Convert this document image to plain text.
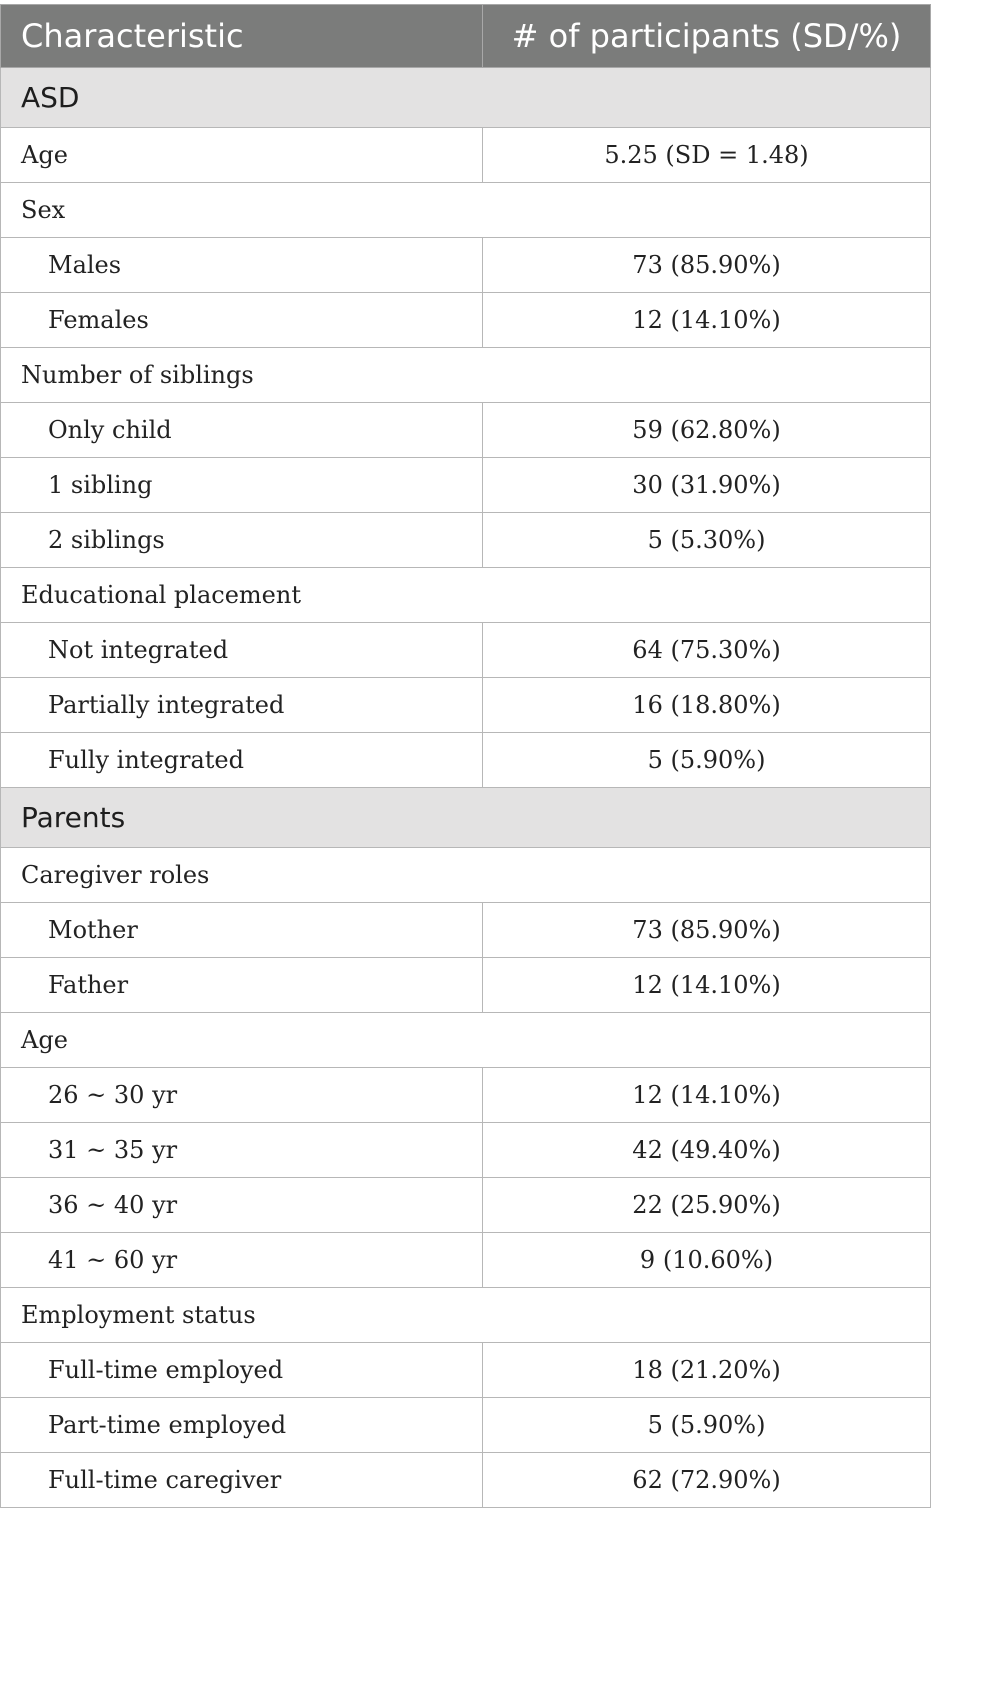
Characteristic	# of participants (SD/%)
ASD	
Age	5.25 (SD = 1.48)
Sex	
Males	73 (85.90%)
Females	12 (14.10%)
Number of siblings	
Only child	59 (62.80%)
1 sibling	30 (31.90%)
2 siblings	5 (5.30%)
Educational placement	
Not integrated	64 (75.30%)
Partially integrated	16 (18.80%)
Fully integrated	5 (5.90%)
Parents	
Caregiver roles	
Mother	73 (85.90%)
Father	12 (14.10%)
Age	
26 ~ 30 yr	12 (14.10%)
31 ~ 35 yr	42 (49.40%)
36 ~ 40 yr	22 (25.90%)
41 ~ 60 yr	9 (10.60%)
Employment status	
Full-time employed	18 (21.20%)
Part-time employed	5 (5.90%)
Full-time caregiver	62 (72.90%)
